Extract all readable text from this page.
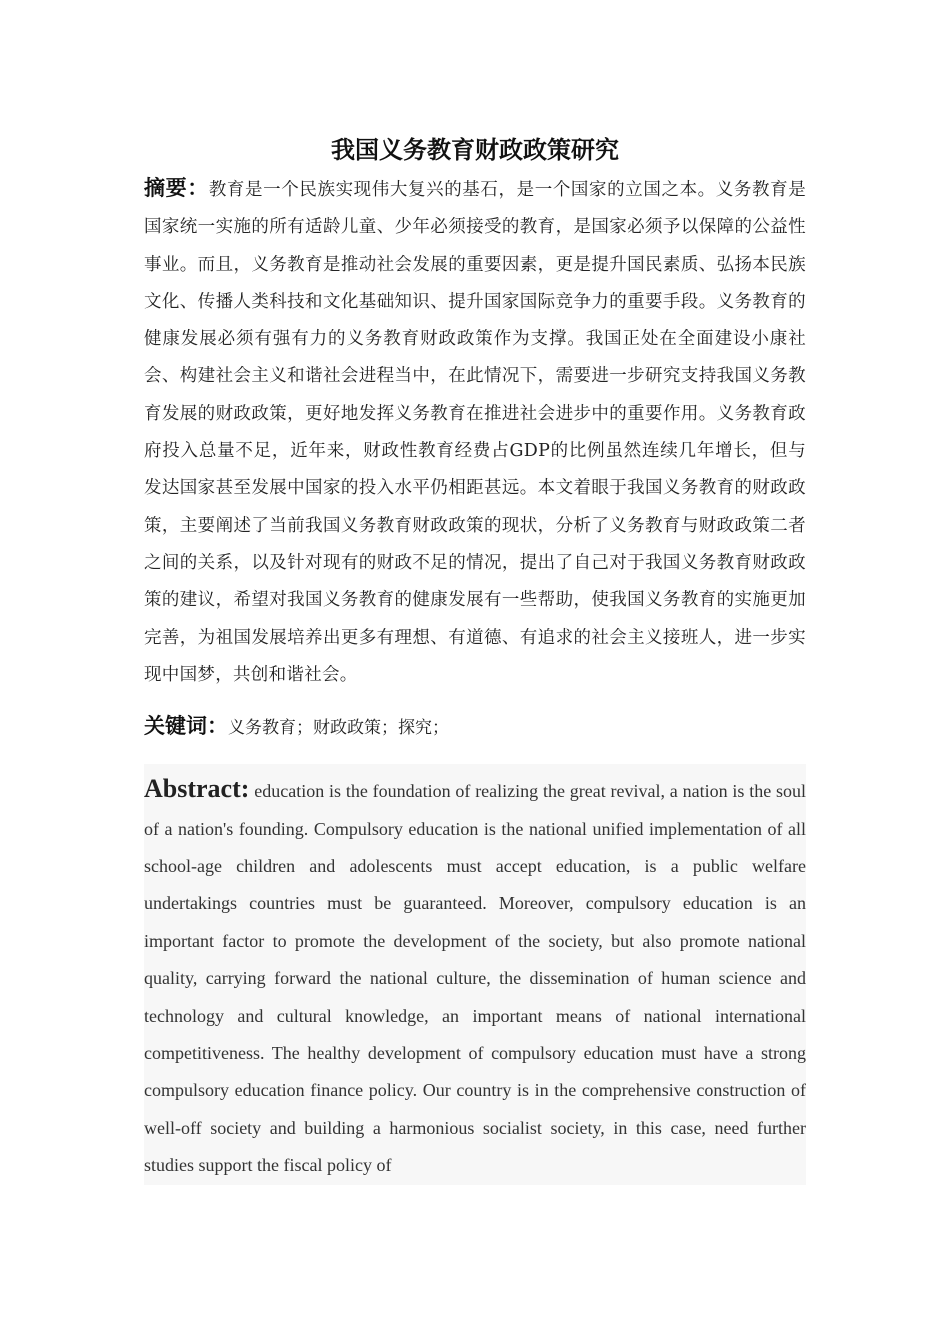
我国义务教育财政政策研究

摘要：教育是一个民族实现伟大复兴的基石，是一个国家的立国之本。义务教育是国家统一实施的所有适龄儿童、少年必须接受的教育，是国家必须予以保障的公益性事业。而且，义务教育是推动社会发展的重要因素，更是提升国民素质、弘扬本民族文化、传播人类科技和文化基础知识、提升国家国际竞争力的重要手段。义务教育的健康发展必须有强有力的义务教育财政政策作为支撑。我国正处在全面建设小康社会、构建社会主义和谐社会进程当中，在此情况下，需要进一步研究支持我国义务教育发展的财政政策，更好地发挥义务教育在推进社会进步中的重要作用。义务教育政府投入总量不足，近年来，财政性教育经费占GDP的比例虽然连续几年增长，但与发达国家甚至发展中国家的投入水平仍相距甚远。本文着眼于我国义务教育的财政政策，主要阐述了当前我国义务教育财政政策的现状，分析了义务教育与财政政策二者之间的关系，以及针对现有的财政不足的情况，提出了自己对于我国义务教育财政政策的建议，希望对我国义务教育的健康发展有一些帮助，使我国义务教育的实施更加完善，为祖国发展培养出更多有理想、有道德、有追求的社会主义接班人，进一步实现中国梦，共创和谐社会。

关键词：义务教育；财政政策；探究；

Abstract: education is the foundation of realizing the great revival, a nation is the soul of a nation's founding. Compulsory education is the national unified implementation of all school-age children and adolescents must accept education, is a public welfare undertakings countries must be guaranteed. Moreover, compulsory education is an important factor to promote the development of the society, but also promote national quality, carrying forward the national culture, the dissemination of human science and technology and cultural knowledge, an important means of national international competitiveness. The healthy development of compulsory education must have a strong compulsory education finance policy. Our country is in the comprehensive construction of well-off society and building a harmonious socialist society, in this case, need further studies support the fiscal policy of
